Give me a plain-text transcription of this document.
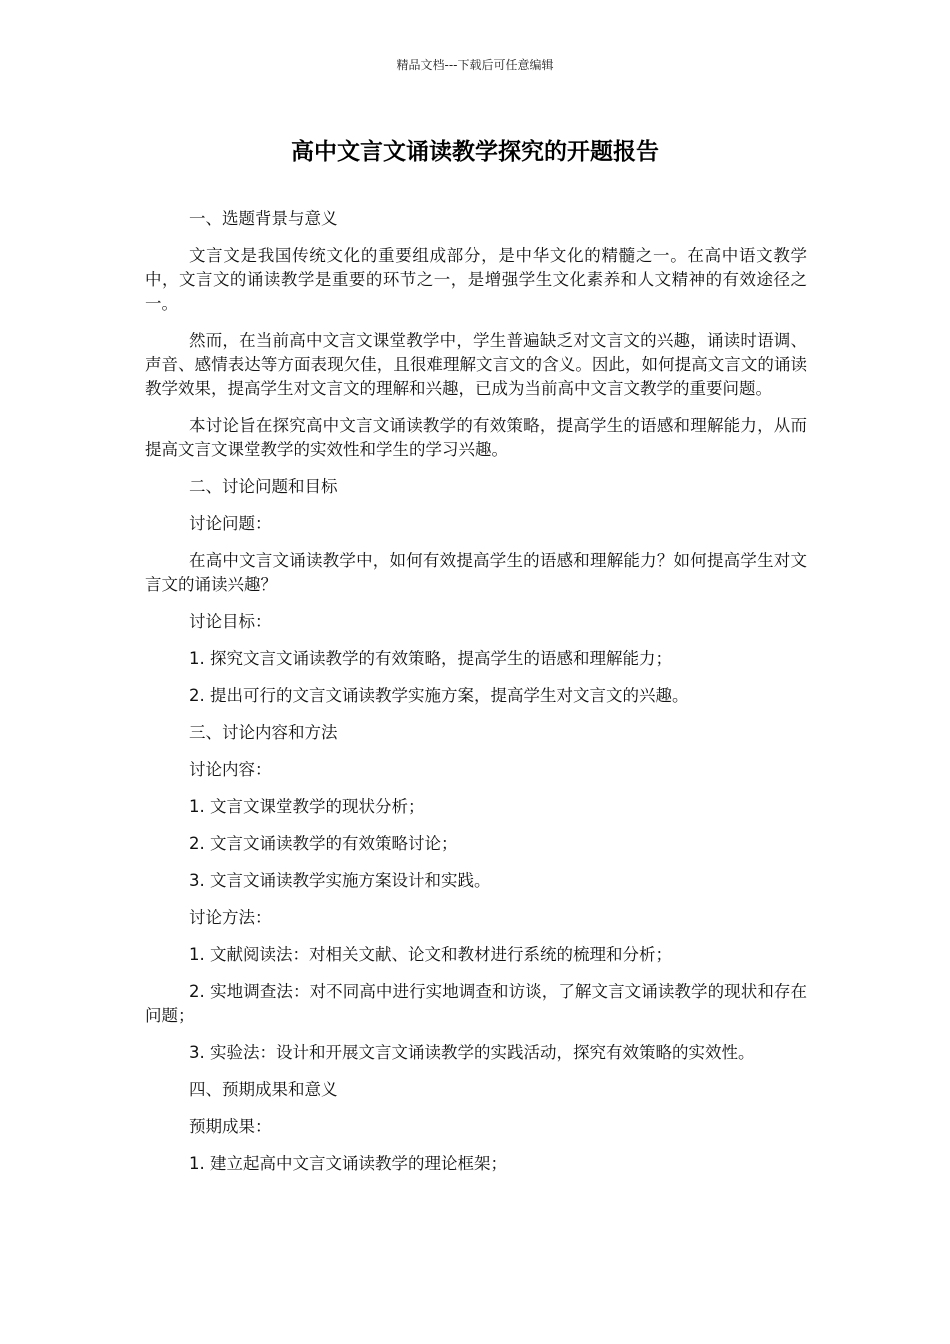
精品文档---下载后可任意编辑
高中文言文诵读教学探究的开题报告

一、选题背景与意义

文言文是我国传统文化的重要组成部分，是中华文化的精髓之一。在高中语文教学中，文言文的诵读教学是重要的环节之一，是增强学生文化素养和人文精神的有效途径之一。

然而，在当前高中文言文课堂教学中，学生普遍缺乏对文言文的兴趣，诵读时语调、声音、感情表达等方面表现欠佳，且很难理解文言文的含义。因此，如何提高文言文的诵读教学效果，提高学生对文言文的理解和兴趣，已成为当前高中文言文教学的重要问题。

本讨论旨在探究高中文言文诵读教学的有效策略，提高学生的语感和理解能力，从而提高文言文课堂教学的实效性和学生的学习兴趣。

二、讨论问题和目标

讨论问题：

在高中文言文诵读教学中，如何有效提高学生的语感和理解能力？如何提高学生对文言文的诵读兴趣？

讨论目标：

1. 探究文言文诵读教学的有效策略，提高学生的语感和理解能力；

2. 提出可行的文言文诵读教学实施方案，提高学生对文言文的兴趣。

三、讨论内容和方法

讨论内容：

1. 文言文课堂教学的现状分析；

2. 文言文诵读教学的有效策略讨论；

3. 文言文诵读教学实施方案设计和实践。

讨论方法：

1. 文献阅读法：对相关文献、论文和教材进行系统的梳理和分析；

2. 实地调查法：对不同高中进行实地调查和访谈，了解文言文诵读教学的现状和存在问题；

3. 实验法：设计和开展文言文诵读教学的实践活动，探究有效策略的实效性。

四、预期成果和意义

预期成果：

1. 建立起高中文言文诵读教学的理论框架；
